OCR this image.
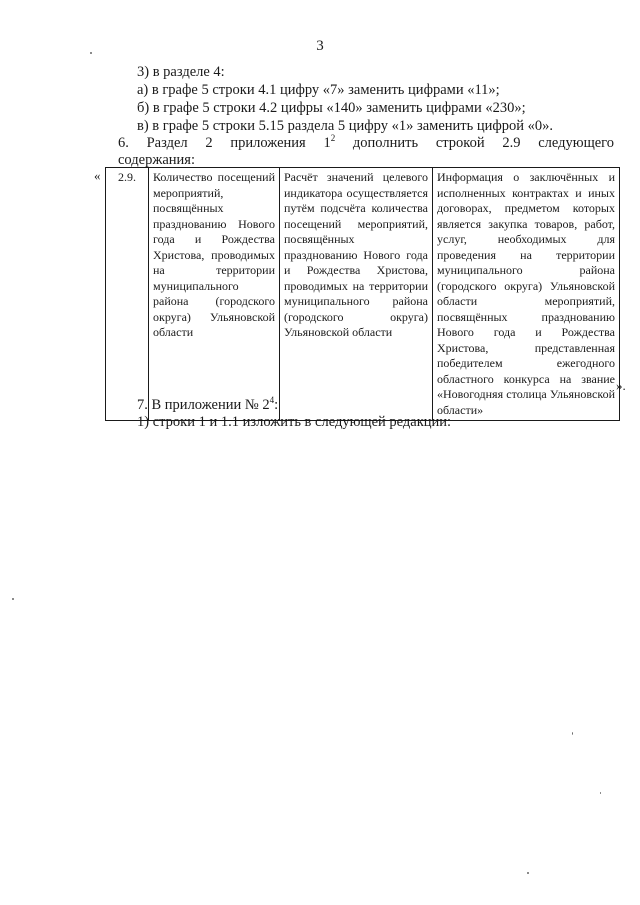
3
3) в разделе 4:
а) в графе 5 строки 4.1 цифру «7» заменить цифрами «11»;
б) в графе 5 строки 4.2 цифры «140» заменить цифрами «230»;
в) в графе 5 строки 5.15 раздела 5 цифру «1» заменить цифрой «0».
6. Раздел 2 приложения $1^2$ дополнить строкой 2.9 следующего
содержания:
« 2.9.	Количество посещений мероприятий, посвящённых празднованию Нового года и Рождества Христова, проводимых на территории муниципального района (городского округа) Ульяновской области	Расчёт значений целевого индикатора осуществляется путём подсчёта количества посещений мероприятий, посвящённых празднованию Нового года и Рождества Христова, проводимых на территории муниципального района (городского округа) Ульяновской области	Информация о заключённых и исполненных контрактах и иных договорах, предметом которых является закупка товаров, работ, услуг, необходимых для проведения на территории муниципального района (городского округа) Ульяновской области мероприятий, посвящённых празднованию Нового года и Рождества Христова, представленная победителем ежегодного областного конкурса на звание «Новогодняя столица Ульяновской области»
».
7. В приложении № $2^4$:
1) строки 1 и 1.1 изложить в следующей редакции:
